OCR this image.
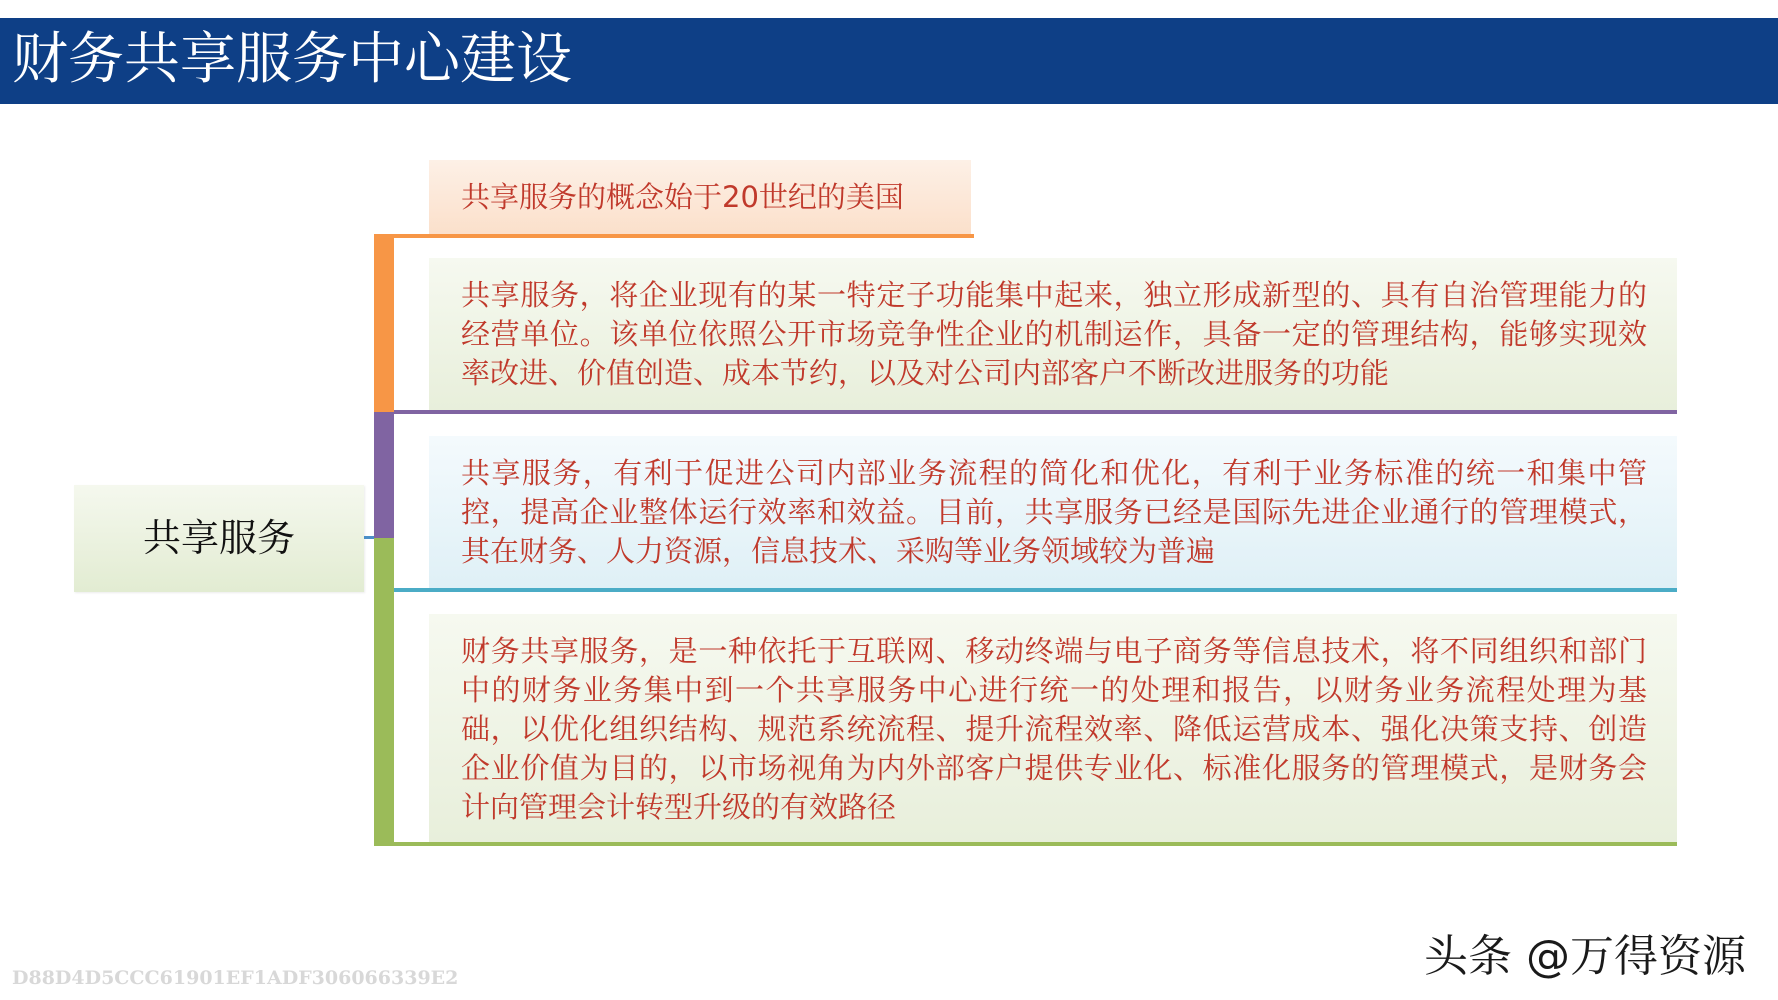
财务共享服务中心建设
共享服务
共享服务的概念始于20世纪的美国
共享服务，将企业现有的某一特定子功能集中起来，独立形成新型的、具有自治管理能力的经营单位。该单位依照公开市场竞争性企业的机制运作，具备一定的管理结构，能够实现效率改进、价值创造、成本节约，以及对公司内部客户不断改进服务的功能
共享服务，有利于促进公司内部业务流程的简化和优化，有利于业务标准的统一和集中管控，提高企业整体运行效率和效益。目前，共享服务已经是国际先进企业通行的管理模式，其在财务、人力资源，信息技术、采购等业务领域较为普遍
财务共享服务，是一种依托于互联网、移动终端与电子商务等信息技术，将不同组织和部门中的财务业务集中到一个共享服务中心进行统一的处理和报告，以财务业务流程处理为基础，以优化组织结构、规范系统流程、提升流程效率、降低运营成本、强化决策支持、创造企业价值为目的，以市场视角为内外部客户提供专业化、标准化服务的管理模式，是财务会计向管理会计转型升级的有效路径
D88D4D5CCC61901EF1ADF306066339E2	头条 @万得资源
